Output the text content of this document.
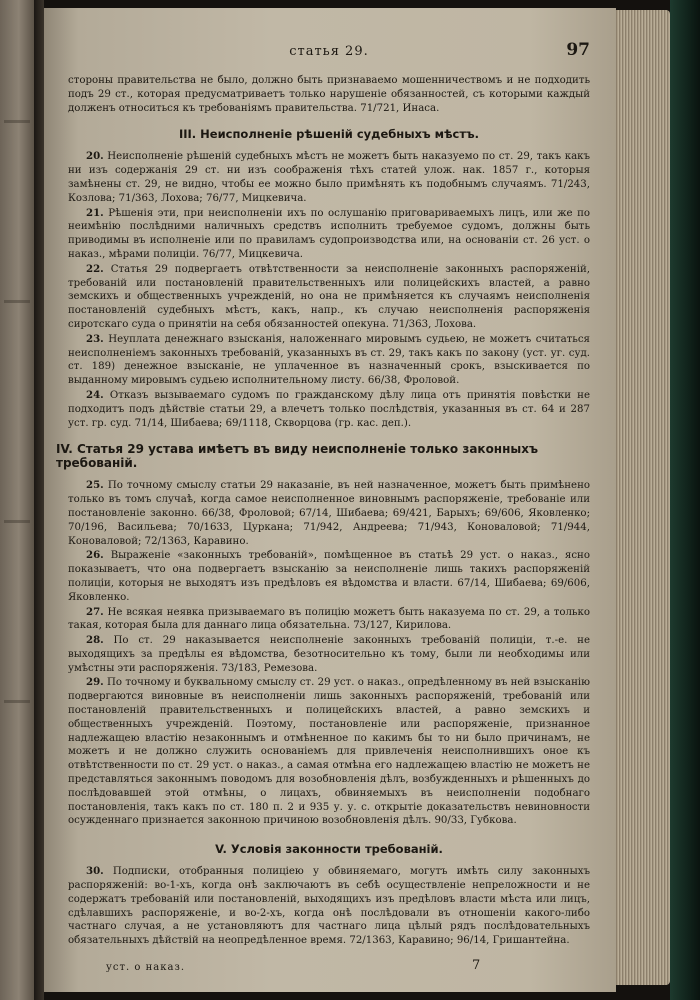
статья 29.	97

стороны правительства не было, должно быть признаваемо мошенничествомъ и не подходить подъ 29 ст., которая предусматриваетъ только нарушеніе обязанностей, съ которыми каждый долженъ относиться къ требованіямъ правительства. 71/721, Инаса.

III. Неисполненіе рѣшеній судебныхъ мѣстъ.

20. Неисполненіе рѣшеній судебныхъ мѣстъ не можетъ быть наказуемо по ст. 29, такъ какъ ни изъ содержанія 29 ст. ни изъ соображенія тѣхъ статей улож. нак. 1857 г., которыя замѣнены ст. 29, не видно, чтобы ее можно было примѣнять къ подобнымъ случаямъ. 71/243, Козлова; 71/363, Лохова; 76/77, Мицкевича.

21. Рѣшенія эти, при неисполненіи ихъ по ослушанію приговариваемыхъ лицъ, или же по неимѣнію послѣдними наличныхъ средствъ исполнить требуемое судомъ, должны быть приводимы въ исполненіе или по правиламъ судопроизводства или, на основаніи ст. 26 уст. о наказ., мѣрами полиціи. 76/77, Мицкевича.

22. Статья 29 подвергаетъ отвѣтственности за неисполненіе законныхъ распоряженій, требованій или постановленій правительственныхъ или полицейскихъ властей, а равно земскихъ и общественныхъ учрежденій, но она не примѣняется къ случаямъ неисполненія постановленій судебныхъ мѣстъ, какъ, напр., къ случаю неисполненія распоряженія сиротскаго суда о принятіи на себя обязанностей опекуна. 71/363, Лохова.

23. Неуплата денежнаго взысканія, наложеннаго мировымъ судьею, не можетъ считаться неисполненіемъ законныхъ требованій, указанныхъ въ ст. 29, такъ какъ по закону (уст. уг. суд. ст. 189) денежное взысканіе, не уплаченное въ назначенный срокъ, взыскивается по выданному мировымъ судьею исполнительному листу. 66/38, Фроловой.

24. Отказъ вызываемаго судомъ по гражданскому дѣлу лица отъ принятія повѣстки не подходитъ подъ дѣйствіе статьи 29, а влечетъ только послѣдствія, указанныя въ ст. 64 и 287 уст. гр. суд. 71/14, Шибаева; 69/1118, Скворцова (гр. кас. деп.).

IV. Статья 29 устава имѣетъ въ виду неисполненіе только законныхъ требованій.

25. По точному смыслу статьи 29 наказаніе, въ ней назначенное, можетъ быть примѣнено только въ томъ случаѣ, когда самое неисполненное виновнымъ распоряженіе, требованіе или постановленіе законно. 66/38, Фроловой; 67/14, Шибаева; 69/421, Барыхъ; 69/606, Яковленко; 70/196, Васильева; 70/1633, Цуркана; 71/942, Андреева; 71/943, Коноваловой; 71/944, Коноваловой; 72/1363, Каравино.

26. Выраженіе «законныхъ требованій», помѣщенное въ статьѣ 29 уст. о наказ., ясно показываетъ, что она подвергаетъ взысканію за неисполненіе лишь такихъ распоряженій полиціи, которыя не выходятъ изъ предѣловъ ея вѣдомства и власти. 67/14, Шибаева; 69/606, Яковленко.

27. Не всякая неявка призываемаго въ полицію можетъ быть наказуема по ст. 29, а только такая, которая была для даннаго лица обязательна. 73/127, Кирилова.

28. По ст. 29 наказывается неисполненіе законныхъ требованій полиціи, т.-е. не выходящихъ за предѣлы ея вѣдомства, безотносительно къ тому, были ли необходимы или умѣстны эти распоряженія. 73/183, Ремезова.

29. По точному и буквальному смыслу ст. 29 уст. о наказ., опредѣленному въ ней взысканію подвергаются виновные въ неисполненіи лишь законныхъ распоряженій, требованій или постановленій правительственныхъ и полицейскихъ властей, а равно земскихъ и общественныхъ учрежденій. Поэтому, постановленіе или распоряженіе, признанное надлежащею властію незаконнымъ и отмѣненное по какимъ бы то ни было причинамъ, не можетъ и не должно служить основаніемъ для привлеченія неисполнившихъ оное къ отвѣтственности по ст. 29 уст. о наказ., а самая отмѣна его надлежащею властію не можетъ не представляться законнымъ поводомъ для возобновленія дѣлъ, возбужденныхъ и рѣшенныхъ до послѣдовавшей этой отмѣны, о лицахъ, обвиняемыхъ въ неисполненіи подобнаго постановленія, такъ какъ по ст. 180 п. 2 и 935 у. у. с. открытіе доказательствъ невиновности осужденнаго признается законною причиною возобновленія дѣлъ. 90/33, Губкова.

V. Условія законности требованій.

30. Подписки, отобранныя полиціею у обвиняемаго, могутъ имѣть силу законныхъ распоряженій: во-1-хъ, когда онѣ заключаютъ въ себѣ осуществленіе непреложности и не содержатъ требованій или постановленій, выходящихъ изъ предѣловъ власти мѣста или лицъ, сдѣлавшихъ распоряженіе, и во-2-хъ, когда онѣ послѣдовали въ отношеніи какого-либо частнаго случая, а не установляютъ для частнаго лица цѣлый рядъ послѣдовательныхъ обязательныхъ дѣйствій на неопредѣленное время. 72/1363, Каравино; 96/14, Гришантейна.

уст. о наказ.	7
